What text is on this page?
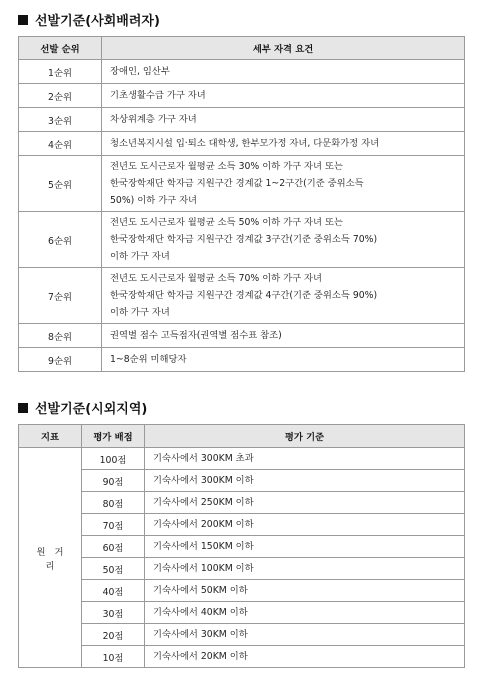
선발기준(사회배려자)
선발 순위	세부 자격 요건
1순위	장애인, 임산부

2순위	기초생활수급 가구 자녀

3순위	차상위계층 가구 자녀

4순위	청소년복지시설 입·퇴소 대학생, 한부모가정 자녀, 다문화가정 자녀

5순위	전년도 도시근로자 월평균 소득 30% 이하 가구 자녀 또는
한국장학재단 학자금 지원구간 경계값 1~2구간(기준 중위소득
50%) 이하 가구 자녀

6순위	전년도 도시근로자 월평균 소득 50% 이하 가구 자녀 또는
한국장학재단 학자금 지원구간 경계값 3구간(기준 중위소득 70%)
이하 가구 자녀

7순위	전년도 도시근로자 월평균 소득 70% 이하 가구 자녀
한국장학재단 학자금 지원구간 경계값 4구간(기준 중위소득 90%)
이하 가구 자녀

8순위	권역별 점수 고득점자(권역별 점수표 참조)

9순위	1~8순위 미해당자
선발기준(시외지역)
지표	평가 배점	평가 기준
원거리	100점	기숙사에서 300KM 초과
	90점	기숙사에서 300KM 이하
	80점	기숙사에서 250KM 이하
	70점	기숙사에서 200KM 이하
	60점	기숙사에서 150KM 이하
	50점	기숙사에서 100KM 이하
	40점	기숙사에서 50KM 이하
	30점	기숙사에서 40KM 이하
	20점	기숙사에서 30KM 이하
	10점	기숙사에서 20KM 이하
